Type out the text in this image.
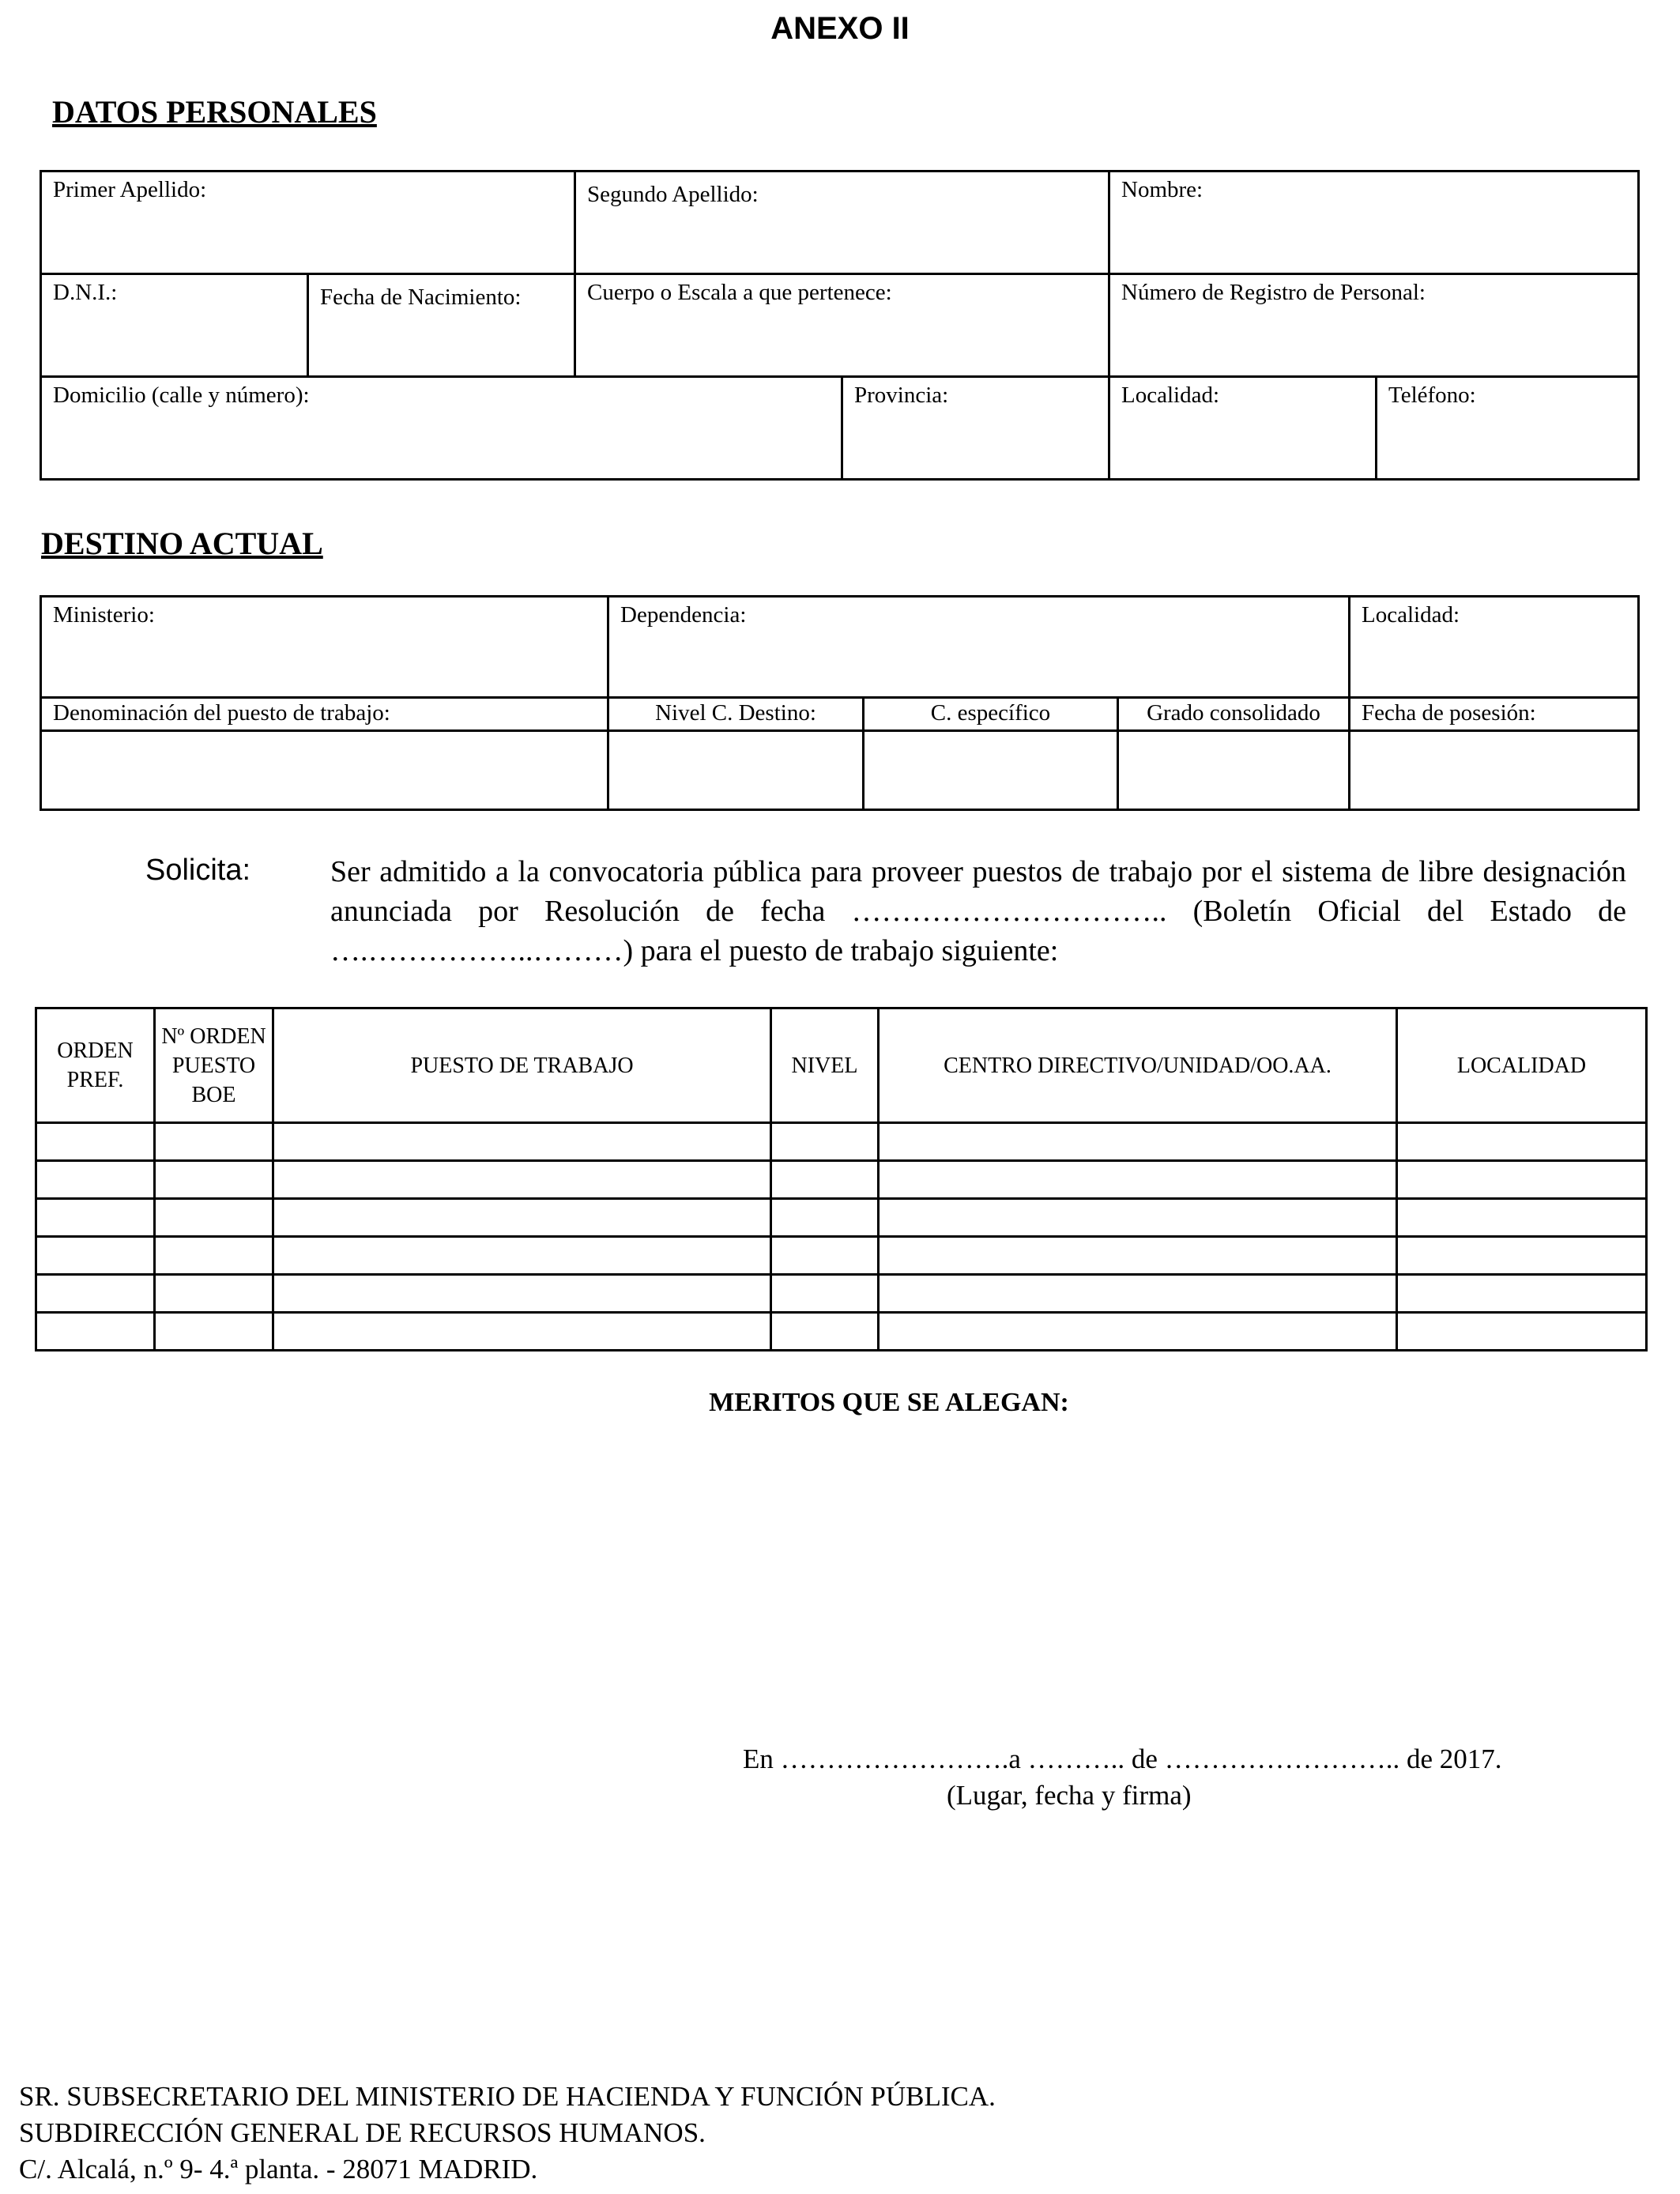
ANEXO II
DATOS PERSONALES
Primer Apellido:		Segundo Apellido:		Nombre:	

D.N.I.:	Fecha de Nacimiento:	Cuerpo o Escala a que pertenece:		Número de Registro de Personal:	

Domicilio (calle y número):			Provincia:	Localidad:	Teléfono:
DESTINO ACTUAL
Ministerio:	Dependencia:			Localidad:

Denominación del puesto de trabajo:	Nivel C. Destino:	C. específico	Grado consolidado	Fecha de posesión:

Solicita:	Ser admitido a la convocatoria pública para proveer puestos de trabajo por el sistema de libre designación anunciada por Resolución de fecha ………………………….. (Boletín Oficial del Estado de ….……………..………) para el puesto de trabajo siguiente:
ORDEN PREF.	Nº ORDEN PUESTO BOE	PUESTO DE TRABAJO	NIVEL	CENTRO DIRECTIVO/UNIDAD/OO.AA.	LOCALIDAD

MERITOS QUE SE ALEGAN:
En …………………….a ……….. de …………………….. de 2017.
(Lugar, fecha y firma)
SR. SUBSECRETARIO DEL MINISTERIO DE HACIENDA Y FUNCIÓN PÚBLICA.
SUBDIRECCIÓN GENERAL DE RECURSOS HUMANOS.
C/. Alcalá, n.º 9- 4.ª planta. - 28071 MADRID.
